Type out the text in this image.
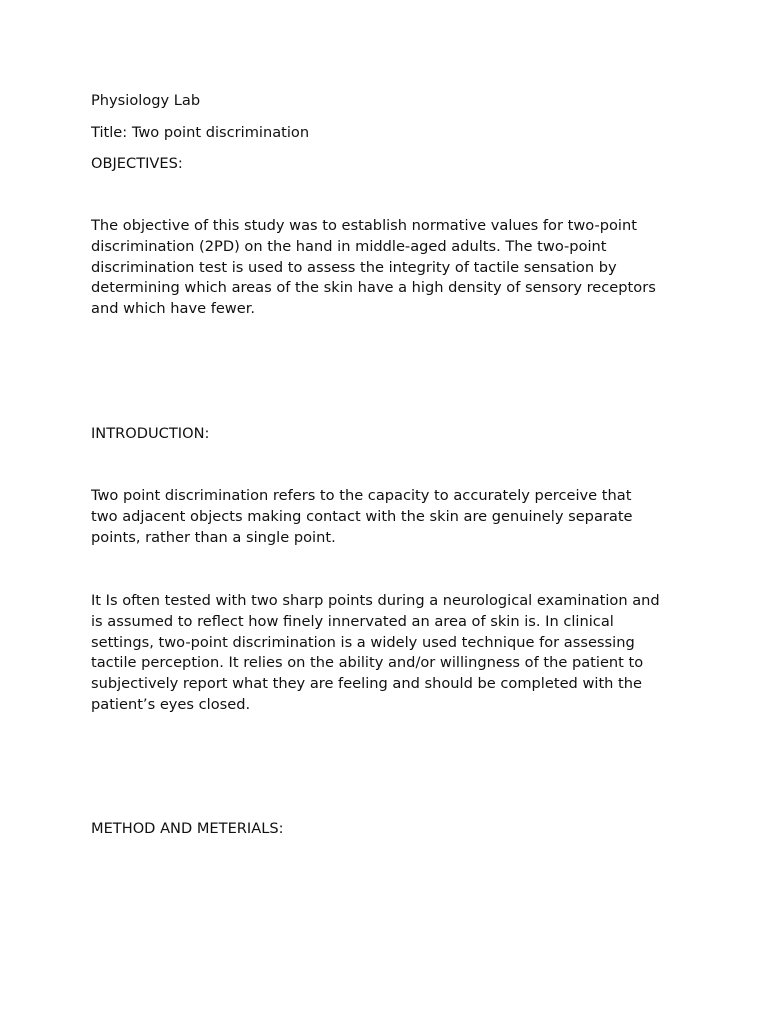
Physiology Lab

Title: Two point discrimination

OBJECTIVES:

The objective of this study was to establish normative values for two-point
discrimination (2PD) on the hand in middle-aged adults. The two-point
discrimination test is used to assess the integrity of tactile sensation by
determining which areas of the skin have a high density of sensory receptors
and which have fewer.

INTRODUCTION:

Two point discrimination refers to the capacity to accurately perceive that
two adjacent objects making contact with the skin are genuinely separate
points, rather than a single point.
It Is often tested with two sharp points during a neurological examination and
is assumed to reflect how finely innervated an area of skin is. In clinical
settings, two-point discrimination is a widely used technique for assessing
tactile perception. It relies on the ability and/or willingness of the patient to
subjectively report what they are feeling and should be completed with the
patient’s eyes closed.

METHOD AND METERIALS:
